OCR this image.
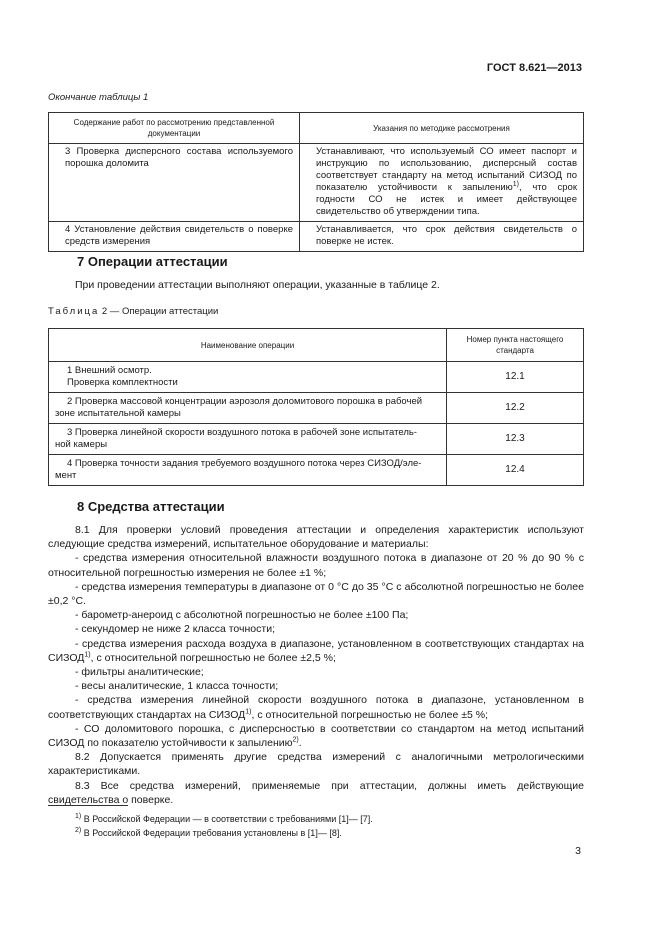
ГОСТ 8.621—2013
Окончание таблицы 1
Содержание работ по рассмотрению представленной документации	Указания по методике рассмотрения

3 Проверка дисперсного состава используемого порошка доломита	Устанавливают, что используемый СО имеет паспорт и инструкцию по использованию, дисперсный состав соответствует стандарту на метод испытаний СИЗОД по показателю устойчивости к запылению$^{1)}$, что срок годности СО не истек и имеет действующее свидетельство об утверждении типа.

4 Установление действия свидетельств о поверке средств измерения	Устанавливается, что срок действия свидетельств о поверке не истек.
7 Операции аттестации
При проведении аттестации выполняют операции, указанные в таблице 2.
Таблица 2 — Операции аттестации
Наименование операции	Номер пункта настоящего стандарта

1 Внешний осмотр.
Проверка комплектности	12.1

2 Проверка массовой концентрации аэрозоля доломитового порошка в рабочей
зоне испытательной камеры	12.2

3 Проверка линейной скорости воздушного потока в рабочей зоне испытатель-
ной камеры	12.3

4 Проверка точности задания требуемого воздушного потока через СИЗОД/эле-
мент	12.4
8 Средства аттестации

8.1 Для проверки условий проведения аттестации и определения характеристик используют следующие средства измерений, испытательное оборудование и материалы:

- средства измерения относительной влажности воздушного потока в диапазоне от 20 % до 90 % с относительной погрешностью измерения не более ±1 %;

- средства измерения температуры в диапазоне от 0 °С до 35 °С с абсолютной погрешностью не более ±0,2 °С.

- барометр-анероид с абсолютной погрешностью не более ±100 Па;

- секундомер не ниже 2 класса точности;

- средства измерения расхода воздуха в диапазоне, установленном в соответствующих стандартах на СИЗОД$^{1)}$, с относительной погрешностью не более ±2,5 %;

- фильтры аналитические;

- весы аналитические, 1 класса точности;

- средства измерения линейной скорости воздушного потока в диапазоне, установленном в соответствующих стандартах на СИЗОД$^{1)}$, с относительной погрешностью не более ±5 %;

- СО доломитового порошка, с дисперсностью в соответствии со стандартом на метод испытаний СИЗОД по показателю устойчивости к запылению$^{2)}$.

8.2 Допускается применять другие средства измерений с аналогичными метрологическими характеристиками.

8.3 Все средства измерений, применяемые при аттестации, должны иметь действующие свидетельства о поверке.

$^{1)}$ В Российской Федерации — в соответствии с требованиями [1]— [7].
$^{2)}$ В Российской Федерации требования установлены в [1]— [8].
3
